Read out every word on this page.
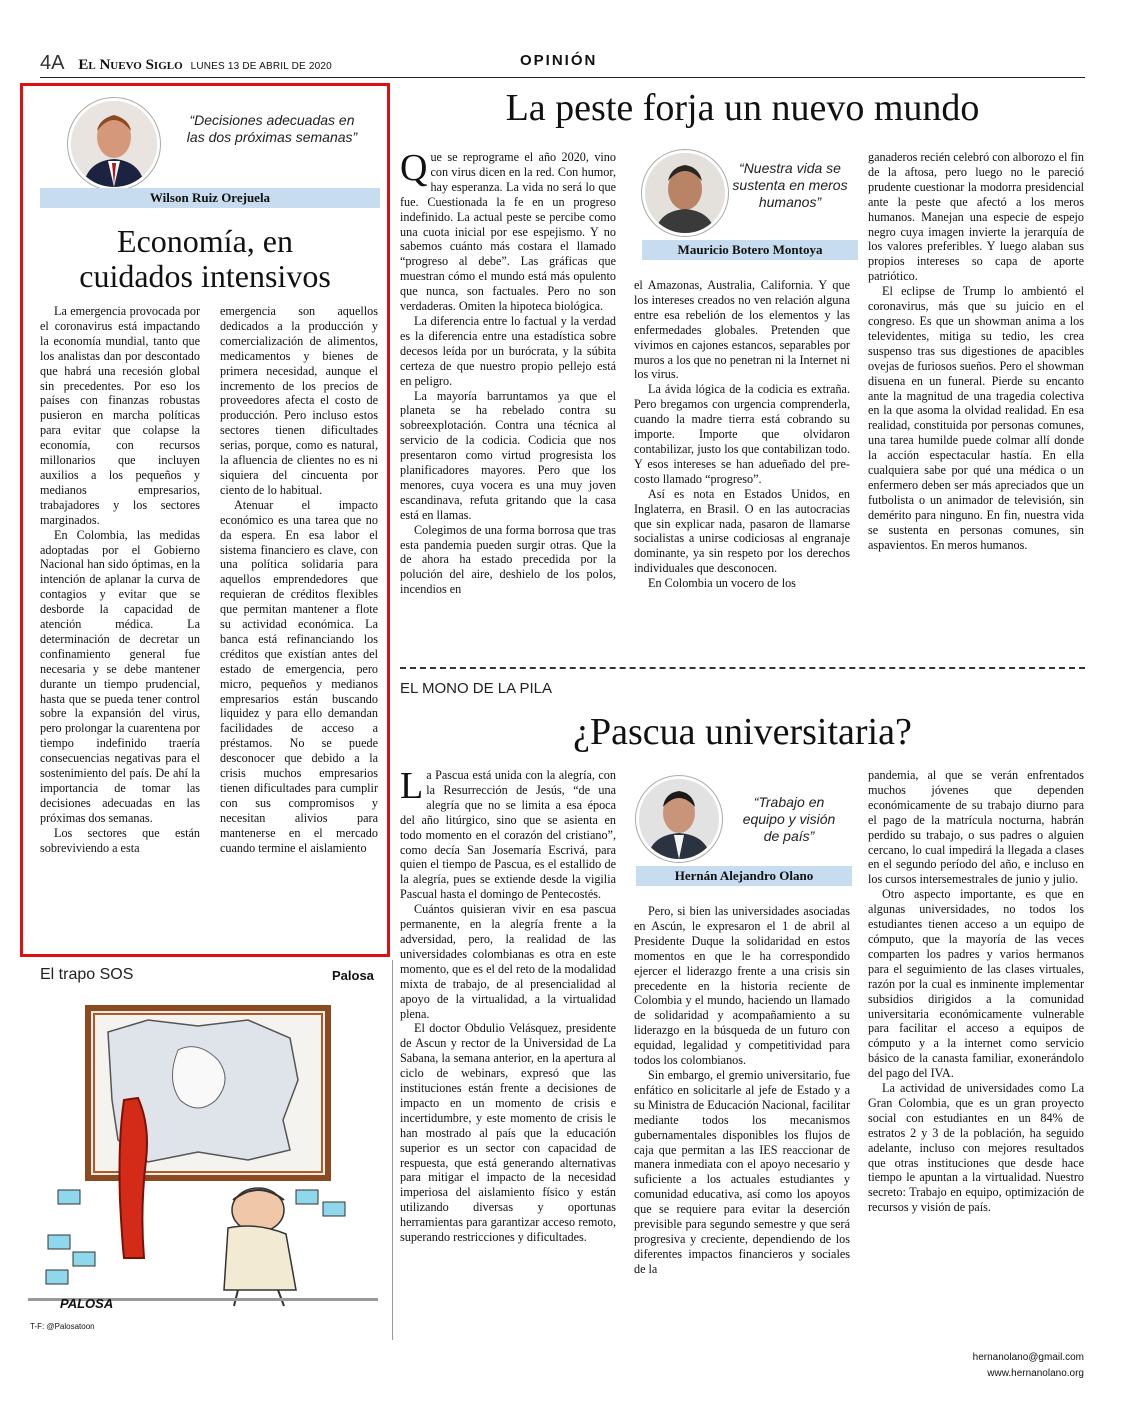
4A El Nuevo Siglo LUNES 13 DE ABRIL DE 2020	OPINIÓN
“Decisiones adecuadas en las dos próximas semanas”
Wilson Ruiz Orejuela
Economía, en
cuidados intensivos

La emergencia provocada por el coronavirus está impactando la economía mundial, tanto que los analistas dan por descontado que habrá una recesión global sin precedentes. Por eso los países con finanzas robustas pusieron en marcha políticas para evitar que colapse la economía, con recursos millonarios que incluyen auxilios a los pequeños y medianos empresarios, trabajadores y los sectores marginados.

En Colombia, las medidas adoptadas por el Gobierno Nacional han sido óptimas, en la intención de aplanar la curva de contagios y evitar que se desborde la capacidad de atención médica. La determinación de decretar un confinamiento general fue necesaria y se debe mantener durante un tiempo prudencial, hasta que se pueda tener control sobre la expansión del virus, pero prolongar la cuarentena por tiempo indefinido traería consecuencias negativas para el sostenimiento del país. De ahí la importancia de tomar las decisiones adecuadas en las próximas dos semanas.

Los sectores que están sobreviviendo a esta

emergencia son aquellos dedicados a la producción y comercialización de alimentos, medicamentos y bienes de primera necesidad, aunque el incremento de los precios de proveedores afecta el costo de producción. Pero incluso estos sectores tienen dificultades serias, porque, como es natural, la afluencia de clientes no es ni siquiera del cincuenta por ciento de lo habitual.

Atenuar el impacto económico es una tarea que no da espera. En esa labor el sistema financiero es clave, con una política solidaria para aquellos emprendedores que requieran de créditos flexibles que permitan mantener a flote su actividad económica. La banca está refinanciando los créditos que existían antes del estado de emergencia, pero micro, pequeños y medianos empresarios están buscando liquidez y para ello demandan facilidades de acceso a préstamos. No se puede desconocer que debido a la crisis muchos empresarios tienen dificultades para cumplir con sus compromisos y necesitan alivios para mantenerse en el mercado cuando termine el aislamiento

El trapo SOS	Palosa
PALOSA
T-F: @Palosatoon
La peste forja un nuevo mundo

Que se reprograme el año 2020, vino con virus dicen en la red. Con humor, hay esperanza. La vida no será lo que fue. Cuestionada la fe en un progreso indefinido. La actual peste se percibe como una cuota inicial por ese espejismo. Y no sabemos cuánto más costara el llamado “progreso al debe”. Las gráficas que muestran cómo el mundo está más opulento que nunca, son factuales. Pero no son verdaderas. Omiten la hipoteca biológica.

La diferencia entre lo factual y la verdad es la diferencia entre una estadística sobre decesos leída por un burócrata, y la súbita certeza de que nuestro propio pellejo está en peligro.

La mayoría barruntamos ya que el planeta se ha rebelado contra su sobreexplotación. Contra una técnica al servicio de la codicia. Codicia que nos presentaron como virtud progresista los planificadores mayores. Pero que los menores, cuya vocera es una muy joven escandinava, refuta gritando que la casa está en llamas.

Colegimos de una forma borrosa que tras esta pandemia pueden surgir otras. Que la de ahora ha estado precedida por la polución del aire, deshielo de los polos, incendios en

“Nuestra vida se sustenta en meros humanos”
Mauricio Botero Montoya

el Amazonas, Australia, California. Y que los intereses creados no ven relación alguna entre esa rebelión de los elementos y las enfermedades globales. Pretenden que vivimos en cajones estancos, separables por muros a los que no penetran ni la Internet ni los virus.

La ávida lógica de la codicia es extraña. Pero bregamos con urgencia comprenderla, cuando la madre tierra está cobrando su importe. Importe que olvidaron contabilizar, justo los que contabilizan todo. Y esos intereses se han adueñado del pre- costo llamado “progreso”.

Así es nota en Estados Unidos, en Inglaterra, en Brasil. O en las autocracias que sin explicar nada, pasaron de llamarse socialistas a unirse codiciosas al engranaje dominante, ya sin respeto por los derechos individuales que desconocen.

En Colombia un vocero de los

ganaderos recién celebró con alborozo el fin de la aftosa, pero luego no le pareció prudente cuestionar la modorra presidencial ante la peste que afectó a los meros humanos. Manejan una especie de espejo negro cuya imagen invierte la jerarquía de los valores preferibles. Y luego alaban sus propios intereses so capa de aporte patriótico.

El eclipse de Trump lo ambientó el coronavirus, más que su juicio en el congreso. Es que un showman anima a los televidentes, mitiga su tedio, les crea suspenso tras sus digestiones de apacibles ovejas de furiosos sueños. Pero el showman disuena en un funeral. Pierde su encanto ante la magnitud de una tragedia colectiva en la que asoma la olvidad realidad. En esa realidad, constituida por personas comunes, una tarea humilde puede colmar allí donde la acción espectacular hastía. En ella cualquiera sabe por qué una médica o un enfermero deben ser más apreciados que un futbolista o un animador de televisión, sin demérito para ninguno. En fin, nuestra vida se sustenta en personas comunes, sin aspavientos. En meros humanos.

EL MONO DE LA PILA
¿Pascua universitaria?

La Pascua está unida con la alegría, con la Resurrección de Jesús, “de una alegría que no se limita a esa época del año litúrgico, sino que se asienta en todo momento en el corazón del cristiano”, como decía San Josemaría Escrivá, para quien el tiempo de Pascua, es el estallido de la alegría, pues se extiende desde la vigilia Pascual hasta el domingo de Pentecostés.

Cuántos quisieran vivir en esa pascua permanente, en la alegría frente a la adversidad, pero, la realidad de las universidades colombianas es otra en este momento, que es el del reto de la modalidad mixta de trabajo, de al presencialidad al apoyo de la virtualidad, a la virtualidad plena.

El doctor Obdulio Velásquez, presidente de Ascun y rector de la Universidad de La Sabana, la semana anterior, en la apertura al ciclo de webinars, expresó que las instituciones están frente a decisiones de impacto en un momento de crisis e incertidumbre, y este momento de crisis le han mostrado al país que la educación superior es un sector con capacidad de respuesta, que está generando alternativas para mitigar el impacto de la necesidad imperiosa del aislamiento físico y están utilizando diversas y oportunas herramientas para garantizar acceso remoto, superando restricciones y dificultades.

“Trabajo en equipo y visión de país”
Hernán Alejandro Olano

Pero, si bien las universidades asociadas en Ascún, le expresaron el 1 de abril al Presidente Duque la solidaridad en estos momentos en que le ha correspondido ejercer el liderazgo frente a una crisis sin precedente en la historia reciente de Colombia y el mundo, haciendo un llamado de solidaridad y acompañamiento a su liderazgo en la búsqueda de un futuro con equidad, legalidad y competitividad para todos los colombianos.

Sin embargo, el gremio universitario, fue enfático en solicitarle al jefe de Estado y a su Ministra de Educación Nacional, facilitar mediante todos los mecanismos gubernamentales disponibles los flujos de caja que permitan a las IES reaccionar de manera inmediata con el apoyo necesario y suficiente a los actuales estudiantes y comunidad educativa, así como los apoyos que se requiere para evitar la deserción previsible para segundo semestre y que será progresiva y creciente, dependiendo de los diferentes impactos financieros y sociales de la

pandemia, al que se verán enfrentados muchos jóvenes que dependen económicamente de su trabajo diurno para el pago de la matrícula nocturna, habrán perdido su trabajo, o sus padres o alguien cercano, lo cual impedirá la llegada a clases en el segundo período del año, e incluso en los cursos intersemestrales de junio y julio.

Otro aspecto importante, es que en algunas universidades, no todos los estudiantes tienen acceso a un equipo de cómputo, que la mayoría de las veces comparten los padres y varios hermanos para el seguimiento de las clases virtuales, razón por la cual es inminente implementar subsidios dirigidos a la comunidad universitaria económicamente vulnerable para facilitar el acceso a equipos de cómputo y a la internet como servicio básico de la canasta familiar, exonerándolo del pago del IVA.

La actividad de universidades como La Gran Colombia, que es un gran proyecto social con estudiantes en un 84% de estratos 2 y 3 de la población, ha seguido adelante, incluso con mejores resultados que otras instituciones que desde hace tiempo le apuntan a la virtualidad. Nuestro secreto: Trabajo en equipo, optimización de recursos y visión de país.

hernanolano@gmail.com
www.hernanolano.org
